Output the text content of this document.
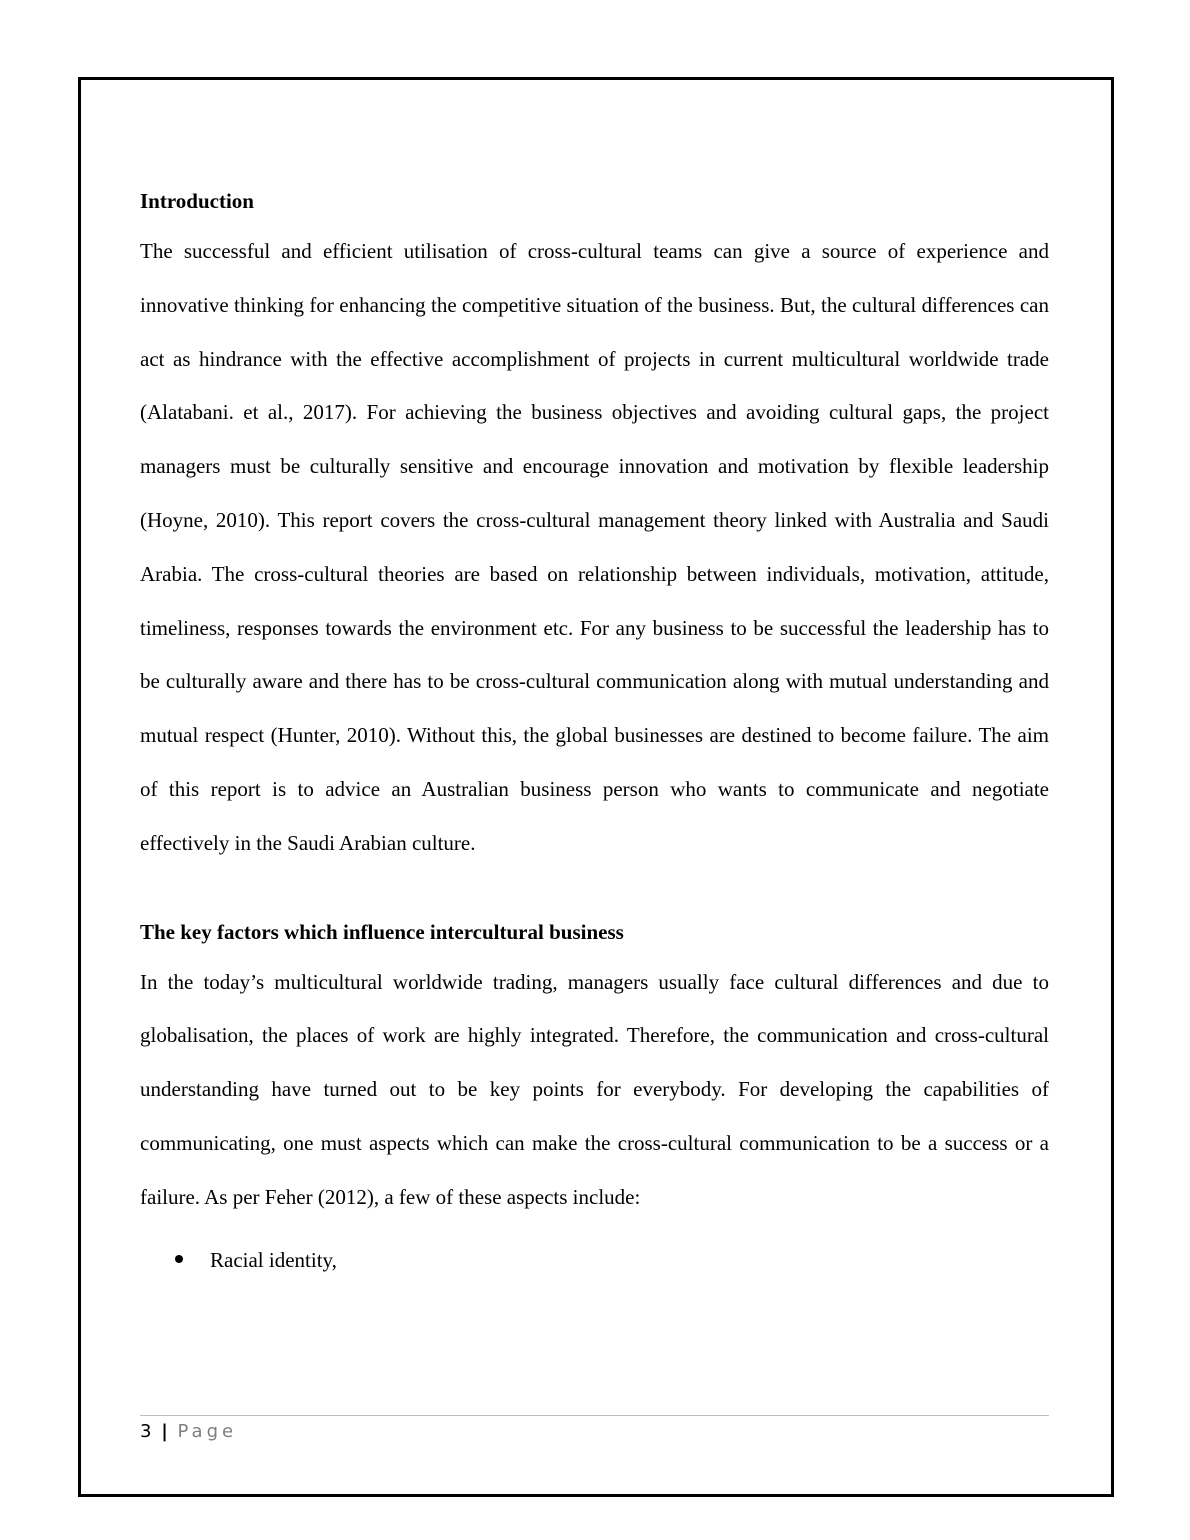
Introduction

The successful and efficient utilisation of cross-cultural teams can give a source of experience and innovative thinking for enhancing the competitive situation of the business. But, the cultural differences can act as hindrance with the effective accomplishment of projects in current multicultural worldwide trade (Alatabani. et al., 2017). For achieving the business objectives and avoiding cultural gaps, the project managers must be culturally sensitive and encourage innovation and motivation by flexible leadership (Hoyne, 2010). This report covers the cross-cultural management theory linked with Australia and Saudi Arabia. The cross-cultural theories are based on relationship between individuals, motivation, attitude, timeliness, responses towards the environment etc. For any business to be successful the leadership has to be culturally aware and there has to be cross-cultural communication along with mutual understanding and mutual respect (Hunter, 2010). Without this, the global businesses are destined to become failure. The aim of this report is to advice an Australian business person who wants to communicate and negotiate effectively in the Saudi Arabian culture.

The key factors which influence intercultural business

In the today’s multicultural worldwide trading, managers usually face cultural differences and due to globalisation, the places of work are highly integrated. Therefore, the communication and cross-cultural understanding have turned out to be key points for everybody. For developing the capabilities of communicating, one must aspects which can make the cross-cultural communication to be a success or a failure. As per Feher (2012), a few of these aspects include:

Racial identity,
3 | Page
